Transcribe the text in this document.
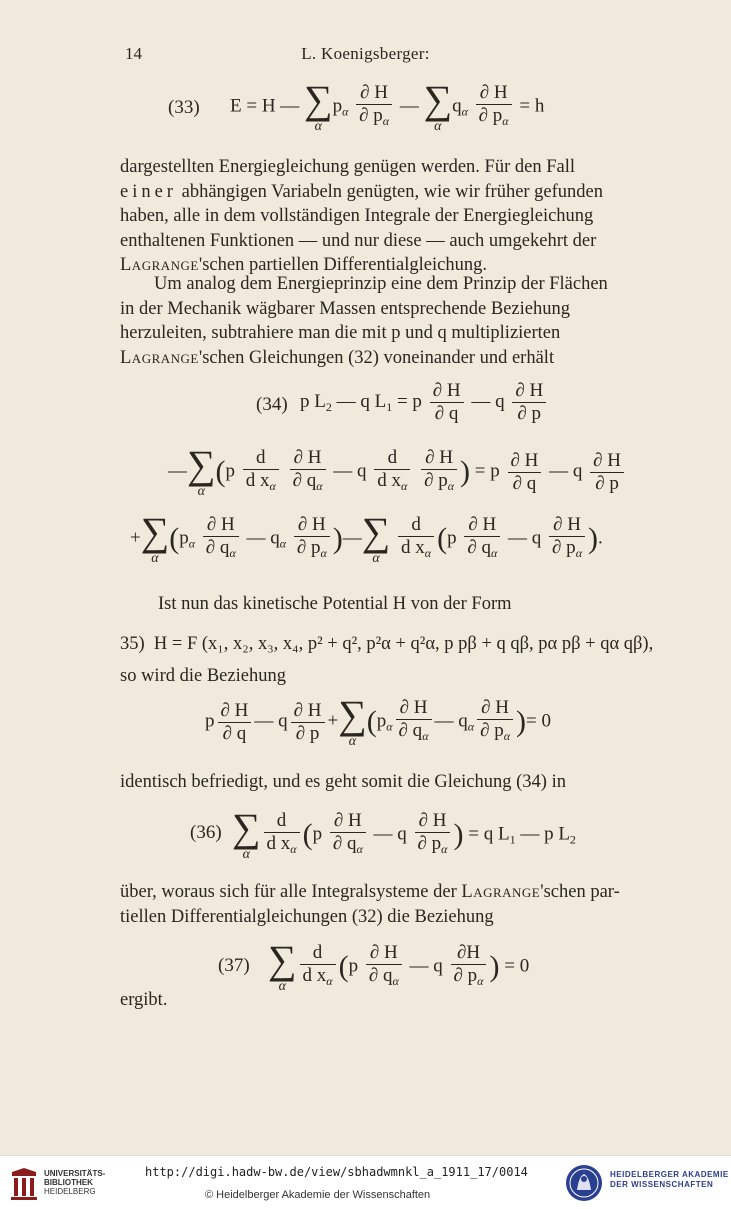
14	L. Koenigsberger:
(33) E = H — ∑
α
$p_\alpha \frac{\partial H}{\partial p_\alpha}$ — ∑
α
$q_\alpha \frac{\partial H}{\partial p_\alpha} = h$

dargestellten Energiegleichung genügen werden. Für den Fall

einer abhängigen Variabeln genügten, wie wir früher gefunden

haben, alle in dem vollständigen Integrale der Energiegleichung

enthaltenen Funktionen — und nur diese — auch umgekehrt der

Lagrange'schen partiellen Differentialgleichung.

Um analog dem Energieprinzip eine dem Prinzip der Flächen

in der Mechanik wägbarer Massen entsprechende Beziehung

herzuleiten, subtrahiere man die mit p und q multiplizierten

Lagrange'schen Gleichungen (32) voneinander und erhält

(34) p $L_2$ — q $L_1 = p \frac{\partial H}{\partial q}$ — q $\frac{\partial H}{\partial p}$
— ∑
α
($p \frac{d}{d x_\alpha}$
$\frac{\partial H}{\partial q_\alpha}$ — q $\frac{d}{d x_\alpha}$
$\frac{\partial H}{\partial p_\alpha}$ ) = p $\frac{\partial H}{\partial q}$ — q $\frac{\partial H}{\partial p}$
+ ∑
α
($p_\alpha \frac{\partial H}{\partial q_\alpha}$ — $q_\alpha \frac{\partial H}{\partial p_\alpha}$ )— ∑
α
$\frac{d}{d x_\alpha} (p \frac{\partial H}{\partial q_\alpha}$ — q $\frac{\partial H}{\partial p_\alpha}$ ).
Ist nun das kinetische Potential H von der Form
35) H = F (x₁, x₂, x₃, x₄, p² + q², p²α + q²α, p pβ + q qβ, pα pβ + qα qβ),
so wird die Beziehung
p $\frac{\partial H}{\partial q}$ — q $\frac{\partial H}{\partial p}$ + ∑
α
($p_\alpha \frac{\partial H}{\partial q_\alpha}$ — $q_\alpha \frac{\partial H}{\partial p_\alpha}$ )= 0
identisch befriedigt, und es geht somit die Gleichung (34) in
(36) ∑
α $\frac{d}{d x_\alpha} (p \frac{\partial H}{\partial q_\alpha}$ — q $\frac{\partial H}{\partial p_\alpha}$ ) = q $L_1$ — p $L_2$

über, woraus sich für alle Integralsysteme der Lagrange'schen par-

tiellen Differentialgleichungen (32) die Beziehung

(37) ∑
α $\frac{d}{d x_\alpha} (p \frac{\partial H}{\partial q_\alpha}$ — q $\frac{\partial H}{\partial p_\alpha}$ ) = 0
ergibt.
UNIVERSITÄTS-
BIBLIOTHEK
HEIDELBERG
http://digi.hadw-bw.de/view/sbhadwmnkl_a_1911_17/0014
© Heidelberger Akademie der Wissenschaften
HEIDELBERGER AKADEMIE
DER WISSENSCHAFTEN
